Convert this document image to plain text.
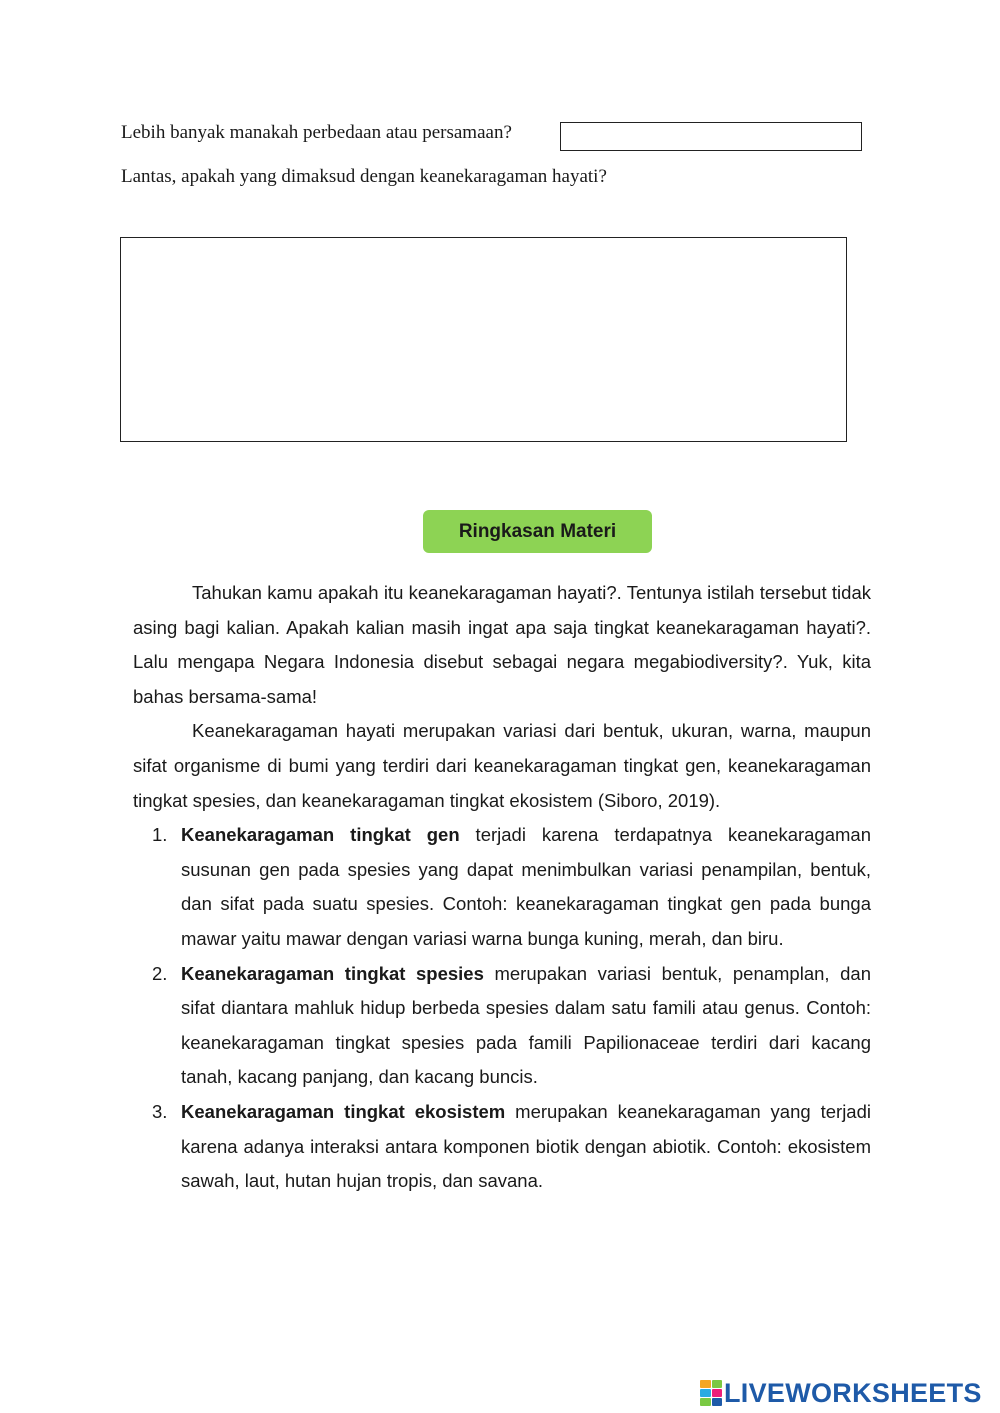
Lebih banyak manakah perbedaan atau persamaan?
Lantas, apakah yang dimaksud dengan keanekaragaman hayati?
Ringkasan Materi

Tahukan kamu apakah itu keanekaragaman hayati?. Tentunya istilah tersebut tidak asing bagi kalian. Apakah kalian masih ingat apa saja tingkat keanekaragaman hayati?. Lalu mengapa Negara Indonesia disebut sebagai negara megabiodiversity?. Yuk, kita bahas bersama-sama!

Keanekaragaman hayati merupakan variasi dari bentuk, ukuran, warna, maupun sifat organisme di bumi yang terdiri dari keanekaragaman tingkat gen, keanekaragaman tingkat spesies, dan keanekaragaman tingkat ekosistem (Siboro, 2019).

1. Keanekaragaman tingkat gen terjadi karena terdapatnya keanekaragaman susunan gen pada spesies yang dapat menimbulkan variasi penampilan, bentuk, dan sifat pada suatu spesies. Contoh: keanekaragaman tingkat gen pada bunga mawar yaitu mawar dengan variasi warna bunga kuning, merah, dan biru.
2. Keanekaragaman tingkat spesies merupakan variasi bentuk, penamplan, dan sifat diantara mahluk hidup berbeda spesies dalam satu famili atau genus. Contoh: keanekaragaman tingkat spesies pada famili Papilionaceae terdiri dari kacang tanah, kacang panjang, dan kacang buncis.
3. Keanekaragaman tingkat ekosistem merupakan keanekaragaman yang terjadi karena adanya interaksi antara komponen biotik dengan abiotik. Contoh: ekosistem sawah, laut, hutan hujan tropis, dan savana.
LIVEWORKSHEETS
